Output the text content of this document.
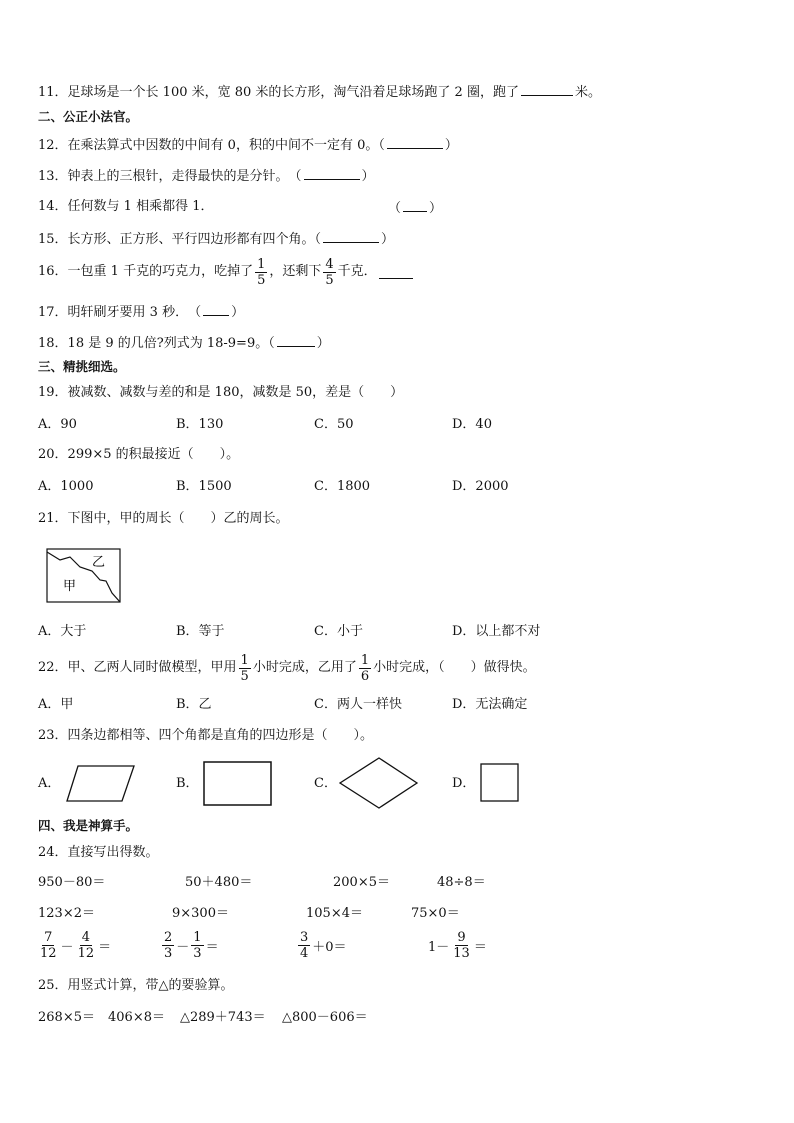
11．足球场是一个长 100 米，宽 80 米的长方形，淘气沿着足球场跑了 2 圈，跑了	米。
二、公正小法官。
12．在乘法算式中因数的中间有 0，积的中间不一定有 0。（	）
13．钟表上的三根针，走得最快的是分针。　（	）
14．任何数与 1 相乘都得 1．	（ ）
15．长方形、正方形、平行四边形都有四个角。（	）
16．一包重 1 千克的巧克力，吃掉了 $\frac{1}{5}$ ，还剩下 $\frac{4}{5}$ 千克．
17．明轩刷牙要用 3 秒．　（ ）
18．18 是 9 的几倍?列式为 18-9=9。（	）
三、精挑细选。
19．被减数、减数与差的和是 180，减数是 50，差是（　　）
A．90	B．130	C．50	D．40
20．299×5 的积最接近（　　）。
A．1000	B．1500	C．1800	D．2000
21．下图中，甲的周长（　　）乙的周长。
乙
甲
A．大于	B．等于	C．小于	D．以上都不对
22．甲、乙两人同时做模型，甲用 $\frac{1}{5}$ 小时完成，乙用了 $\frac{1}{6}$ 小时完成，（　　）做得快。
A．甲	B．乙	C．两人一样快	D．无法确定
23．四条边都相等、四个角都是直角的四边形是（　　）。
A．	B．	C．	D．
四、我是神算手。
24．直接写出得数。
950－80＝	50＋480＝	200×5＝	48÷8＝
123×2＝	9×300＝	105×4＝	75×0＝
$\frac{7}{12} - \frac{4}{12}$ ＝	$\frac{2}{3} - \frac{1}{3}$ ＝	$\frac{3}{4} +0=$	$1- \frac{9}{13}$ ＝
25．用竖式计算，带△的要验算。
268×5＝ 406×8＝ △289＋743＝ △800－606＝
